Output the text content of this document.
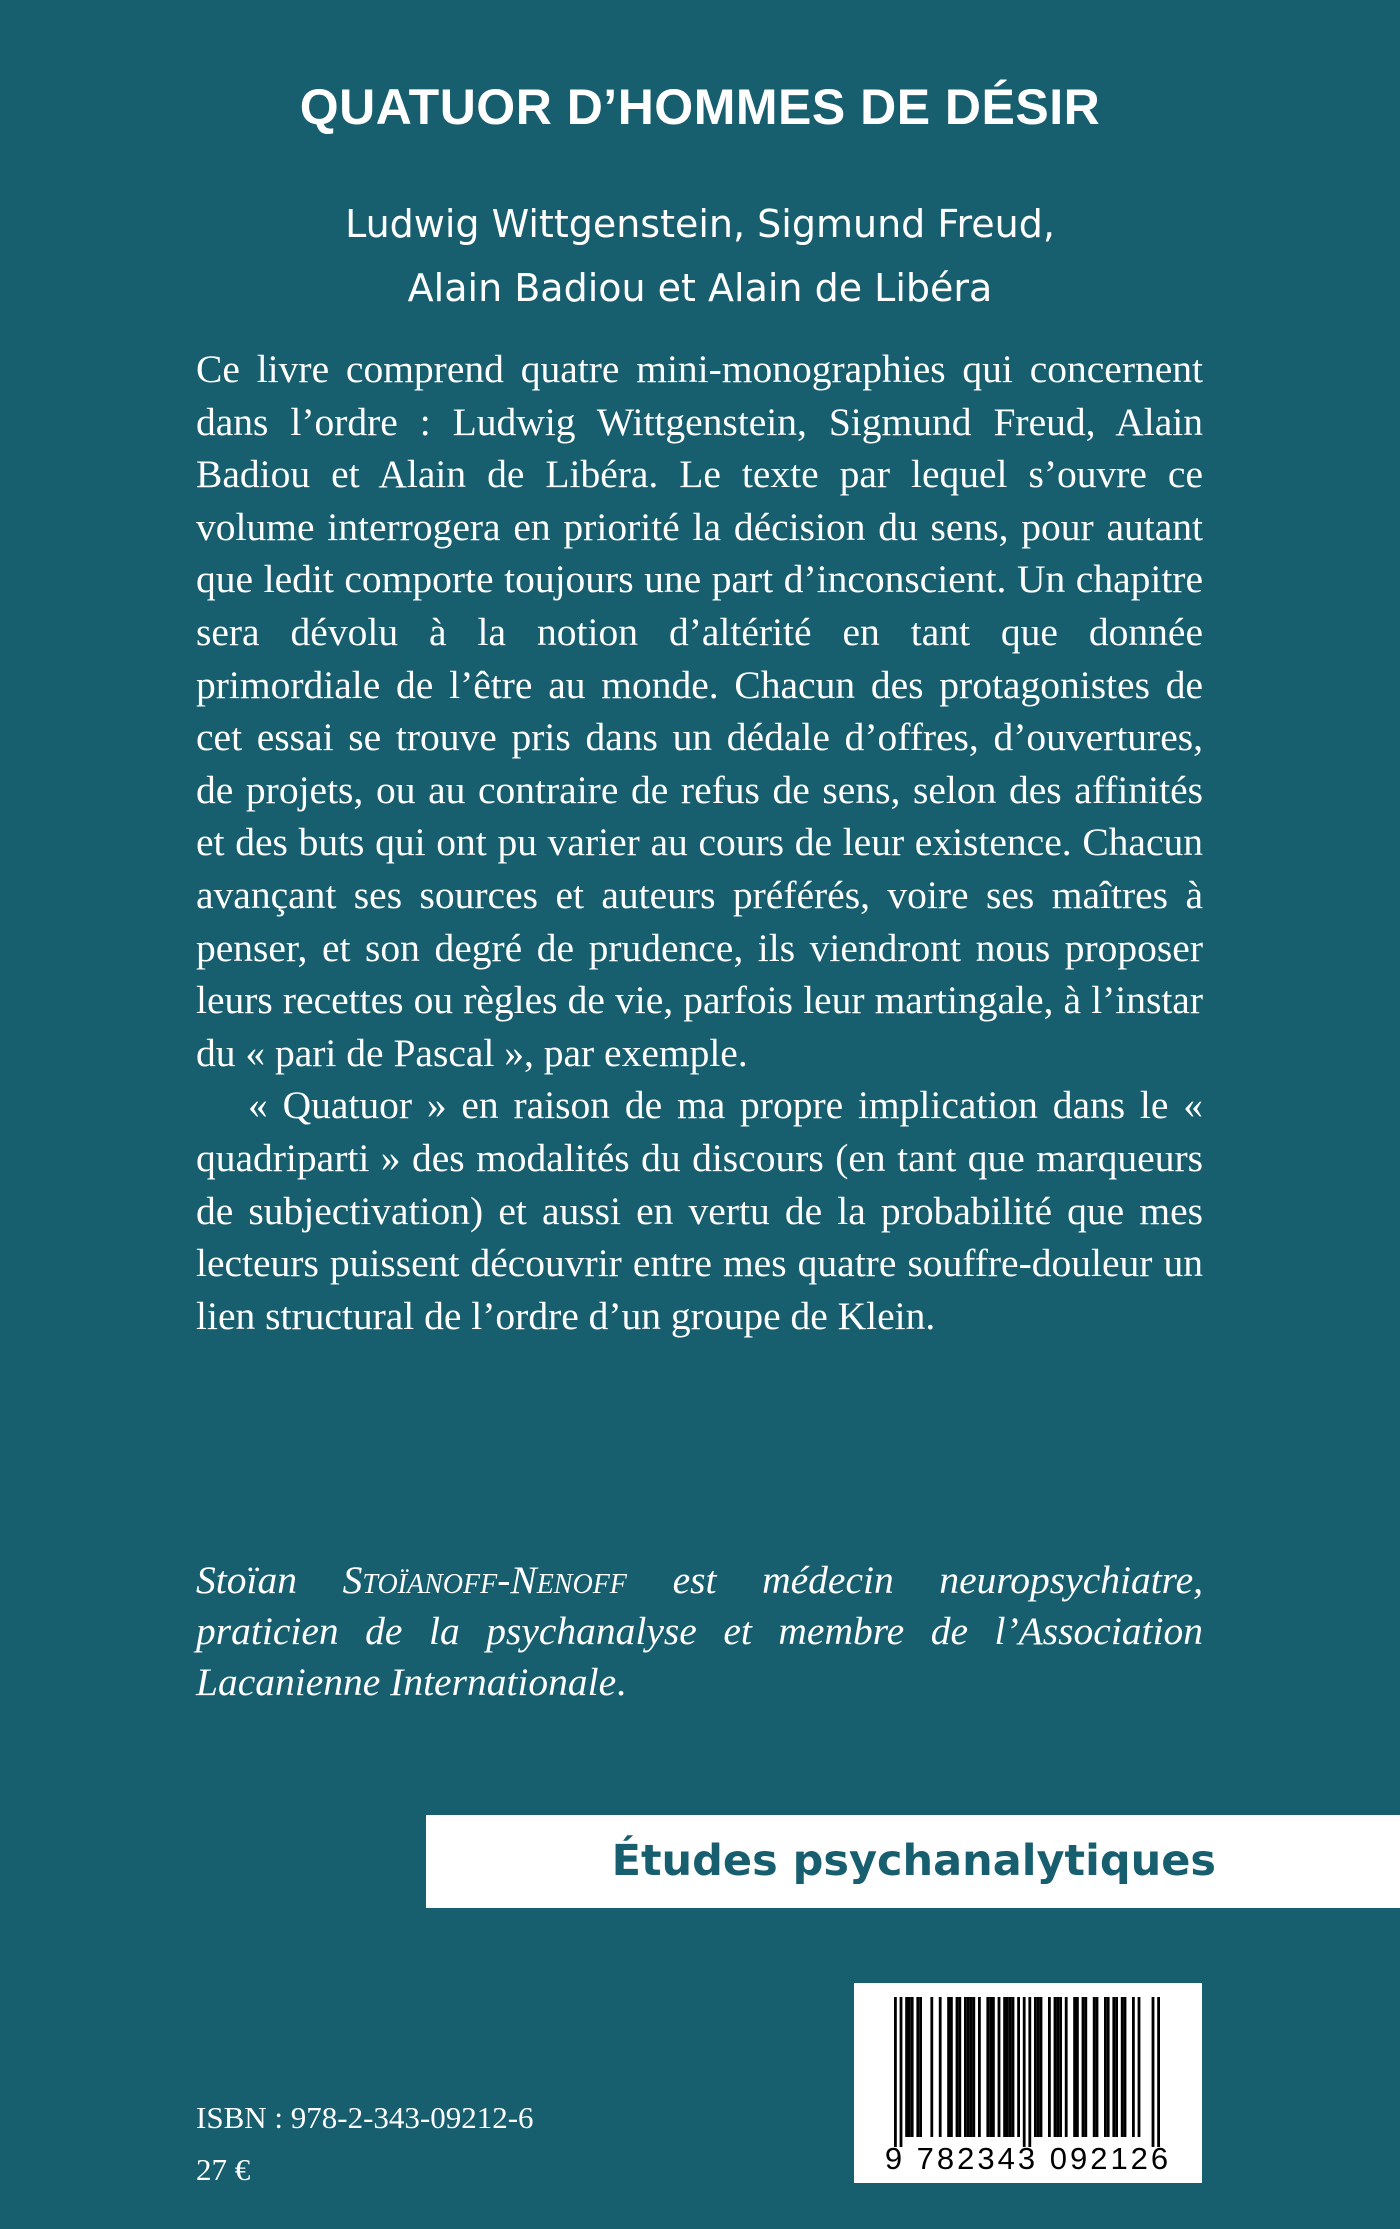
QUATUOR D’HOMMES DE DÉSIR
Ludwig Wittgenstein, Sigmund Freud,
Alain Badiou et Alain de Libéra

Ce livre comprend quatre mini-monographies qui concernent dans l’ordre : Ludwig Wittgenstein, Sigmund Freud, Alain Badiou et Alain de Libéra. Le texte par lequel s’ouvre ce volume interrogera en priorité la décision du sens, pour autant que ledit comporte toujours une part d’inconscient. Un chapitre sera dévolu à la notion d’altérité en tant que donnée primordiale de l’être au monde. Chacun des protagonistes de cet essai se trouve pris dans un dédale d’offres, d’ouvertures, de projets, ou au contraire de refus de sens, selon des affinités et des buts qui ont pu varier au cours de leur existence. Chacun avançant ses sources et auteurs préférés, voire ses maîtres à penser, et son degré de prudence, ils viendront nous proposer leurs recettes ou règles de vie, parfois leur martingale, à l’instar du « pari de Pascal », par exemple.

« Quatuor » en raison de ma propre implication dans le « quadriparti » des modalités du discours (en tant que marqueurs de subjectivation) et aussi en vertu de la probabilité que mes lecteurs puissent découvrir entre mes quatre souffre-douleur un lien structural de l’ordre d’un groupe de Klein.

Stoïan Stoïanoff-Nenoff est médecin neuropsychiatre, praticien de la psychanalyse et membre de l’Association Lacanienne Internationale.

Études psychanalytiques
9 782343 092126
ISBN : 978-2-343-09212-6
27 €
